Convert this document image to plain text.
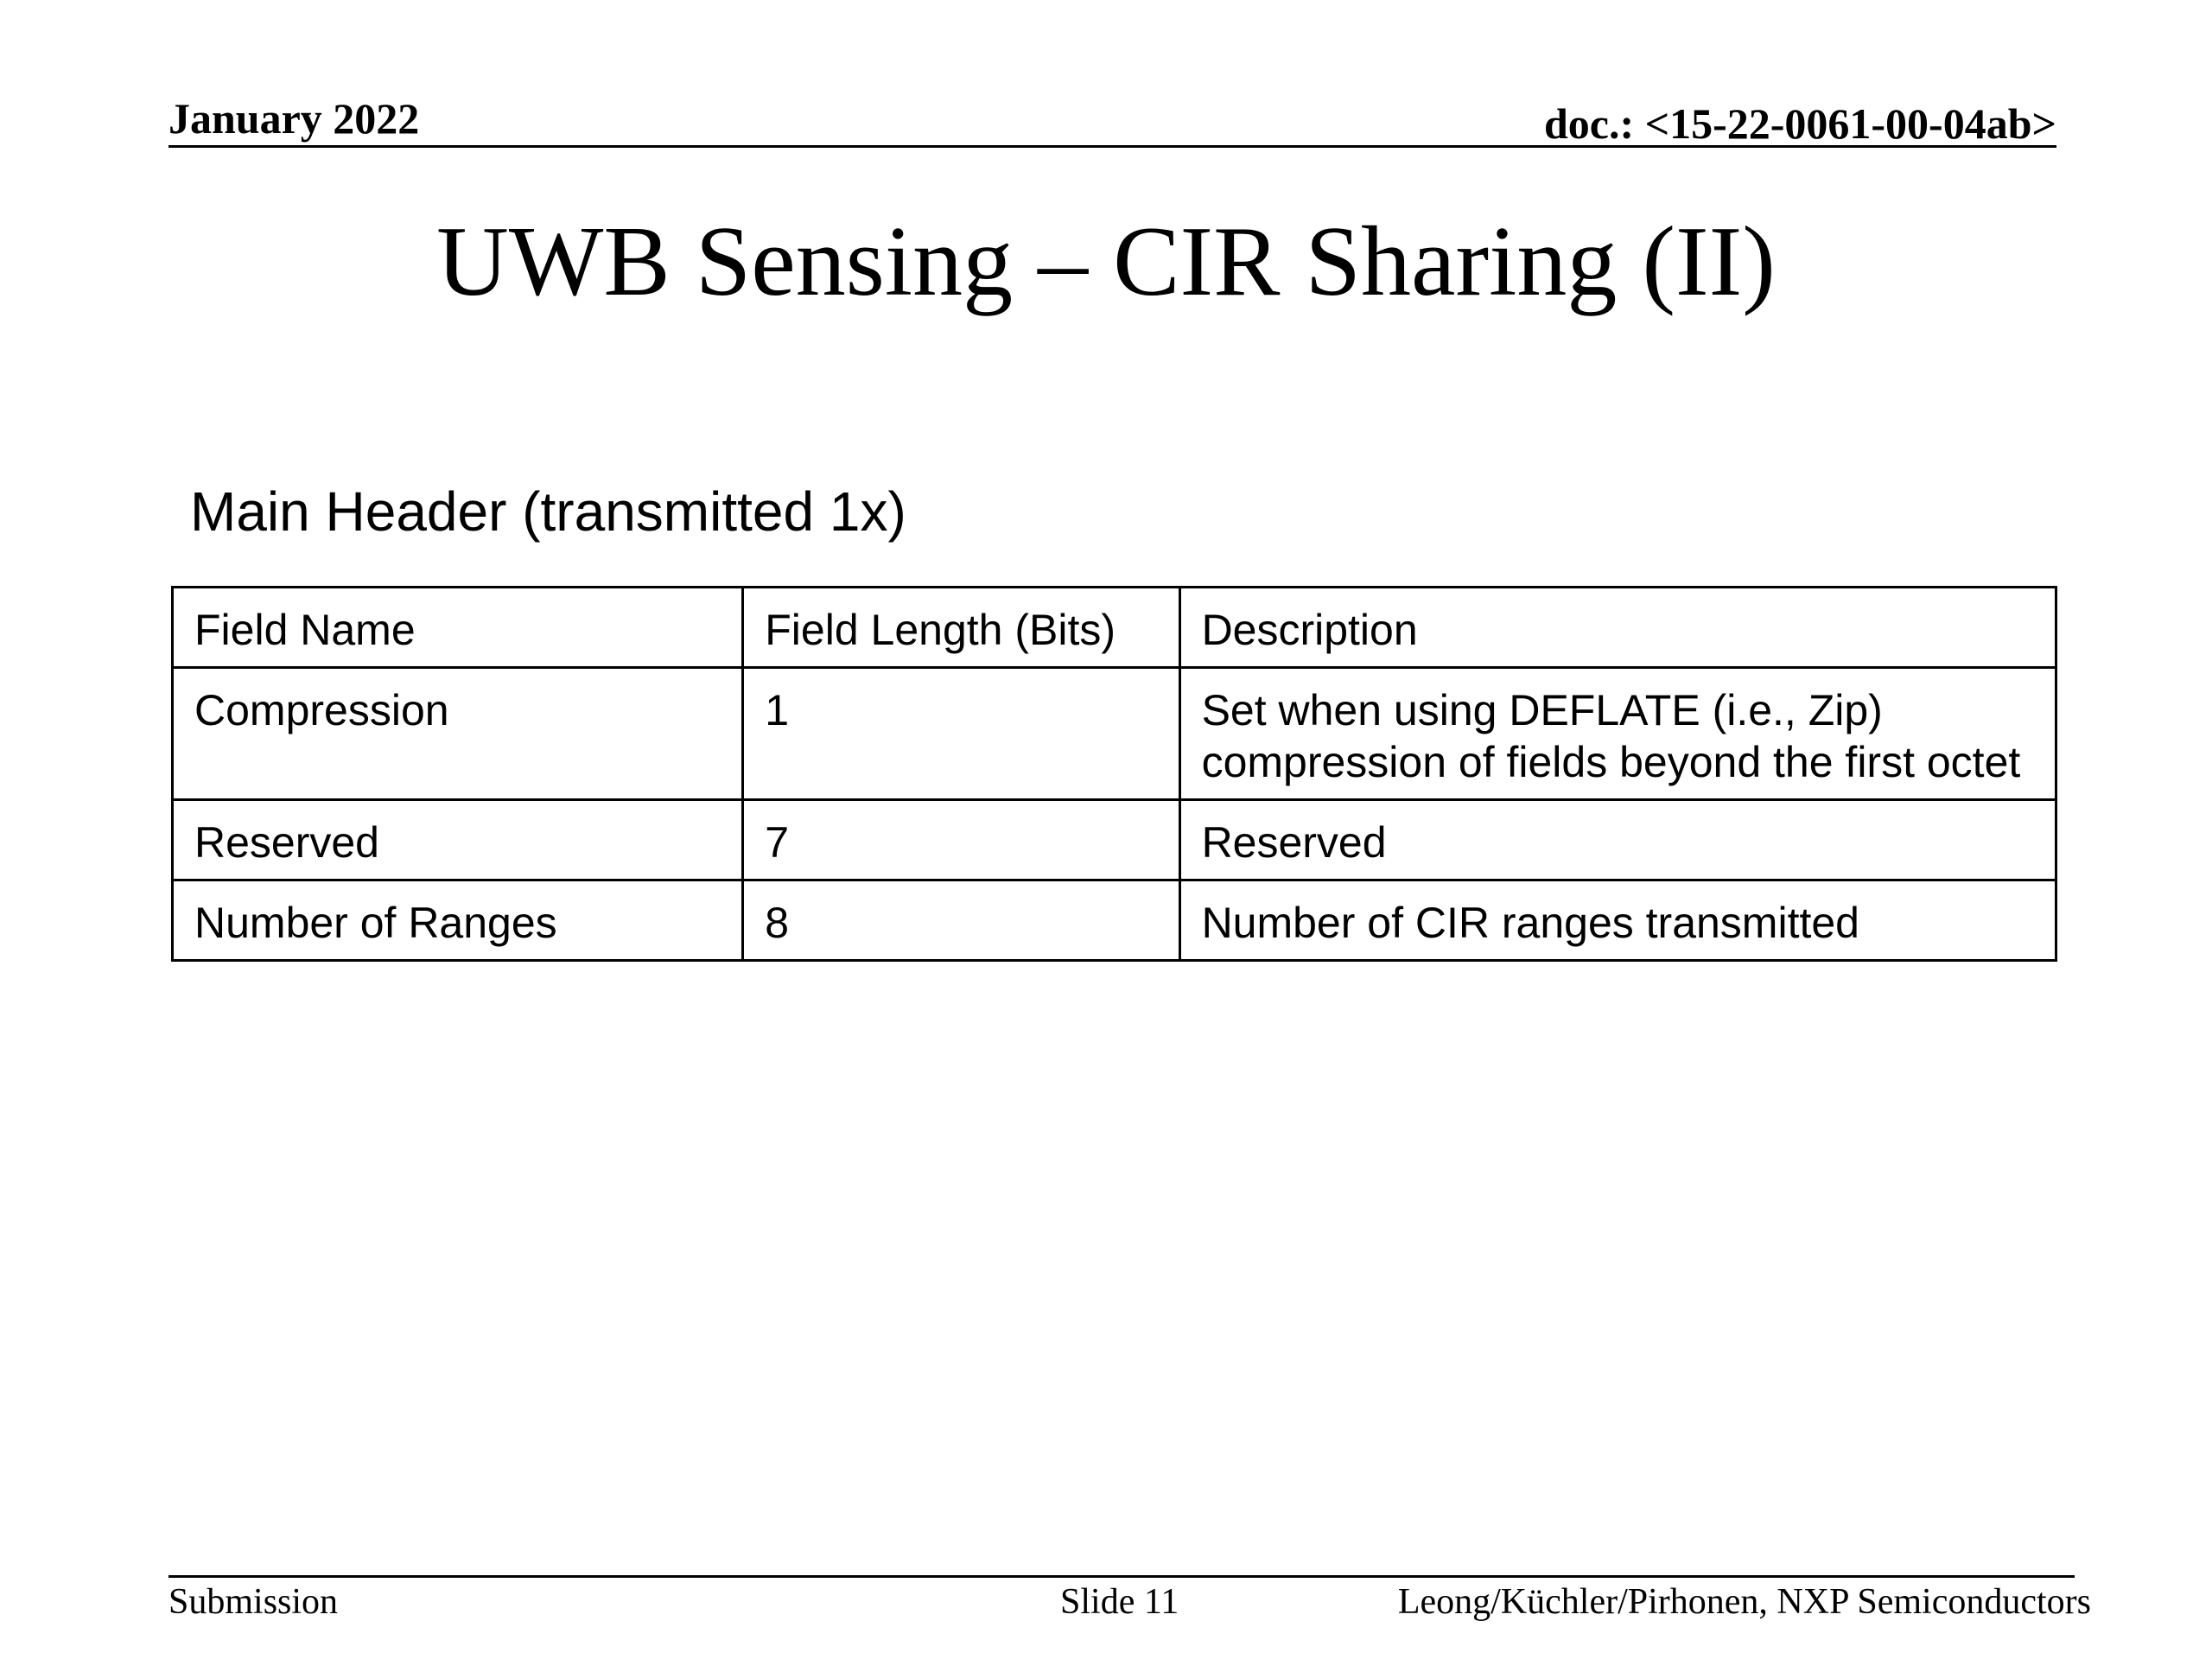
January 2022	doc.: <15-22-0061-00-04ab>
UWB Sensing – CIR Sharing (II)
Main Header (transmitted 1x)
Field Name	Field Length (Bits)	Description
Compression	1	Set when using DEFLATE (i.e., Zip)
compression of fields beyond the first octet

Reserved	7	Reserved

Number of Ranges	8	Number of CIR ranges transmitted
Submission	Slide 11	Leong/Küchler/Pirhonen, NXP Semiconductors
